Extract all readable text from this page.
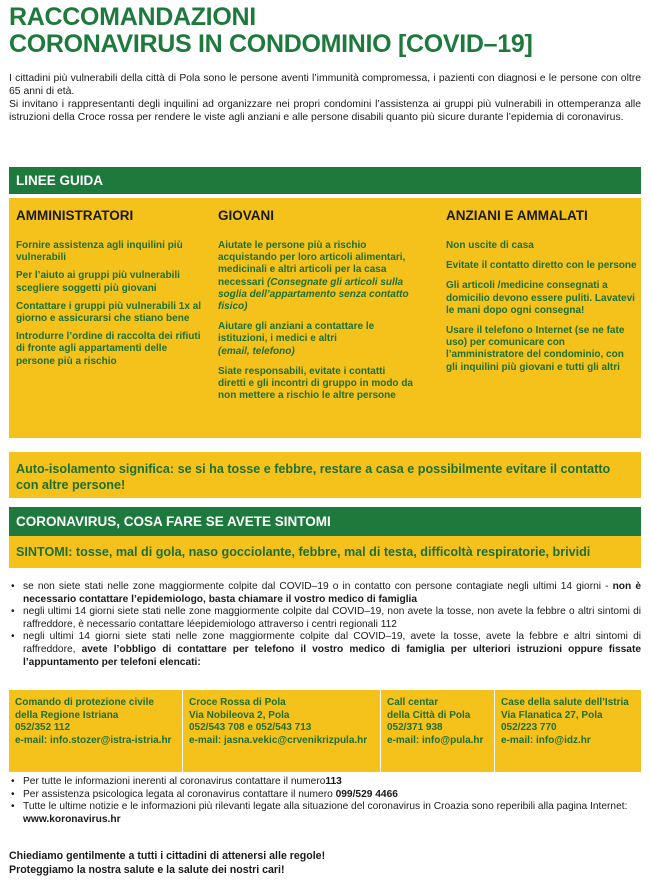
RACCOMANDAZIONI
CORONAVIRUS IN CONDOMINIO [COVID–19]

I cittadini più vulnerabili della città di Pola sono le persone aventi l’immunità compromessa, i pazienti con diagnosi e le persone con oltre 65 anni di età.

Si invitano i rappresentanti degli inquilini ad organizzare nei propri condomini l’assistenza ai gruppi più vulnerabili in ottemperanza alle istruzioni della Croce rossa per rendere le viste agli anziani e alle persone disabili quanto più sicure durante l’epidemia di coronavirus.

LINEE GUIDA
AMMINISTRATORI	GIOVANI	ANZIANI E AMMALATI

Fornire assistenza agli inquilini più vulnerabili

Per l’aiuto ai gruppi più vulnerabili scegliere soggetti più giovani

Contattare i gruppi più vulnerabili 1x al giorno e assicurarsi che stiano bene

Introdurre l’ordine di raccolta dei rifiuti di fronte agli appartamenti delle persone più a rischio

Aiutate le persone più a rischio acquistando per loro articoli alimentari, medicinali e altri articoli per la casa necessari (Consegnate gli articoli sulla soglia dell’appartamento senza contatto fisico)

Aiutare gli anziani a contattare le istituzioni, i medici e altri

(email, telefono)

Siate responsabili, evitate i contatti diretti e gli incontri di gruppo in modo da non mettere a rischio le altre persone

Non uscite di casa

Evitate il contatto diretto con le persone

Gli articoli /medicine consegnati a domicilio devono essere puliti. Lavatevi le mani dopo ogni consegna!

Usare il telefono o Internet (se ne fate uso) per comunicare con l’amministratore del condominio, con gli inquilini più giovani e tutti gli altri

Auto-isolamento significa: se si ha tosse e febbre, restare a casa e possibilmente evitare il contatto con altre persone!
CORONAVIRUS, COSA FARE SE AVETE SINTOMI
SINTOMI: tosse, mal di gola, naso gocciolante, febbre, mal di testa, difficoltà respiratorie, brividi
• se non siete stati nelle zone maggiormente colpite dal COVID–19 o in contatto con persone contagiate negli ultimi 14 giorni - non è necessario contattare l’epidemiologo, basta chiamare il vostro medico di famiglia
• negli ultimi 14 giorni siete stati nelle zone maggiormente colpite dal COVID–19, non avete la tosse, non avete la febbre o altri sintomi di raffreddore, è necessario contattare léepidemiologo attraverso i centri regionali 112
• negli ultimi 14 giorni siete stati nelle zone maggiormente colpite dal COVID–19, avete la tosse, avete la febbre e altri sintomi di raffreddore, avete l’obbligo di contattare per telefono il vostro medico di famiglia per ulteriori istruzioni oppure fissate l’appuntamento per telefoni elencati:
Comando di protezione civile
della Regione Istriana
052/352 112
e-mail: info.stozer@istra-istria.hr
Croce Rossa di Pola
Via Nobileova 2, Pola
052/543 708 e 052/543 713
e-mail: jasna.vekic@crvenikrizpula.hr
Call centar
della Città di Pola
052/371 938
e-mail: info@pula.hr
Case della salute dell’Istria
Via Flanatica 27, Pola
052/223 770
e-mail: info@idz.hr
• Per tutte le informazioni inerenti al coronavirus contattare il numero113
• Per assistenza psicologica legata al coronavirus contattare il numero 099/529 4466
• Tutte le ultime notizie e le informazioni più rilevanti legate alla situazione del coronavirus in Croazia sono reperibili alla pagina Internet: www.koronavirus.hr
Chiediamo gentilmente a tutti i cittadini di attenersi alle regole!
Proteggiamo la nostra salute e la salute dei nostri cari!
